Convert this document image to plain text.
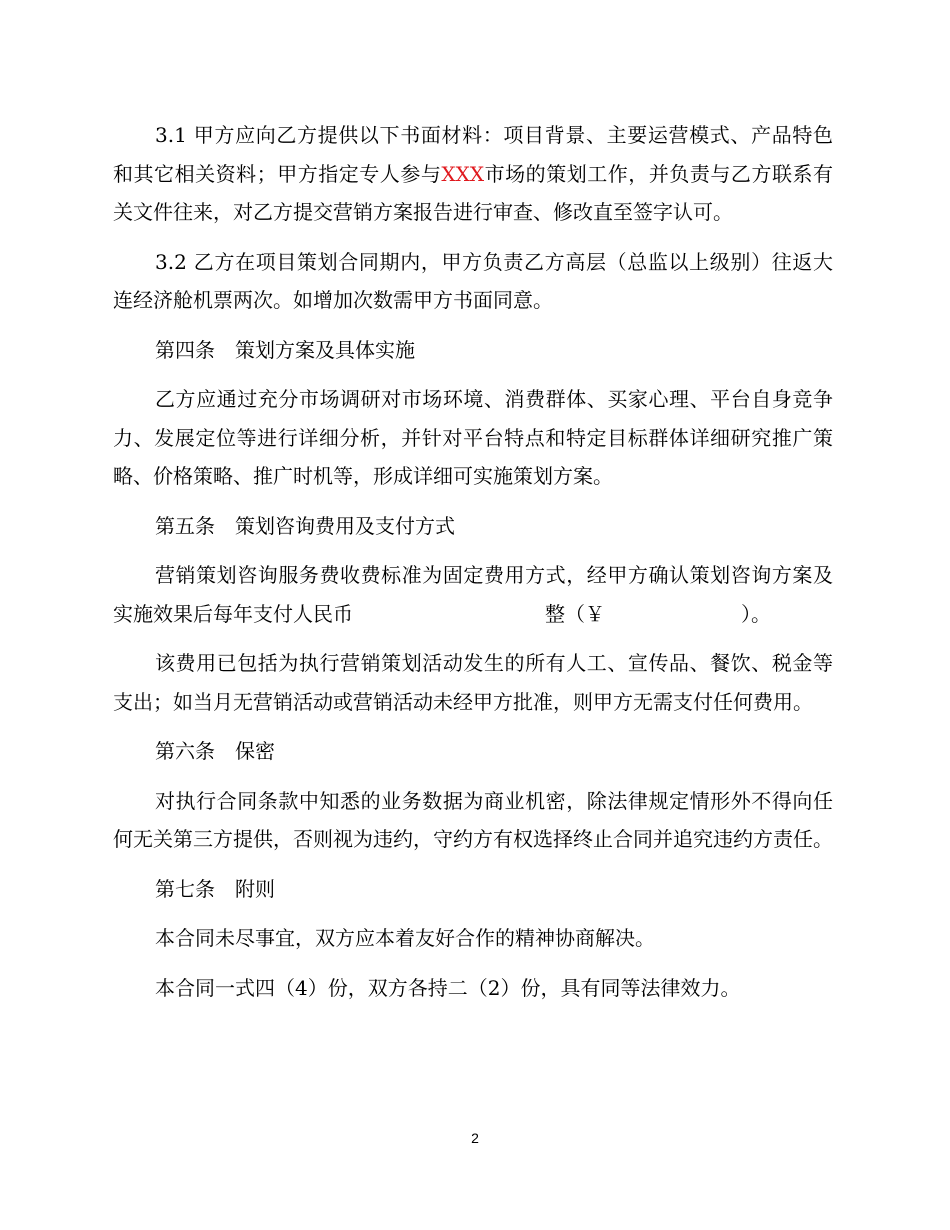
3.1 甲方应向乙方提供以下书面材料：项目背景、主要运营模式、产品特色和其它相关资料；甲方指定专人参与XXX市场的策划工作，并负责与乙方联系有关文件往来，对乙方提交营销方案报告进行审查、修改直至签字认可。

3.2 乙方在项目策划合同期内，甲方负责乙方高层（总监以上级别）往返大连经济舱机票两次。如增加次数需甲方书面同意。

第四条　策划方案及具体实施

乙方应通过充分市场调研对市场环境、消费群体、买家心理、平台自身竞争力、发展定位等进行详细分析，并针对平台特点和特定目标群体详细研究推广策略、价格策略、推广时机等，形成详细可实施策划方案。

第五条　策划咨询费用及支付方式

营销策划咨询服务费收费标准为固定费用方式，经甲方确认策划咨询方案及实施效果后每年支付人民币	整（￥	）。

该费用已包括为执行营销策划活动发生的所有人工、宣传品、餐饮、税金等支出；如当月无营销活动或营销活动未经甲方批准，则甲方无需支付任何费用。

第六条　保密

对执行合同条款中知悉的业务数据为商业机密，除法律规定情形外不得向任何无关第三方提供，否则视为违约，守约方有权选择终止合同并追究违约方责任。

第七条　附则

本合同未尽事宜，双方应本着友好合作的精神协商解决。

本合同一式四（4）份，双方各持二（2）份，具有同等法律效力。

2
